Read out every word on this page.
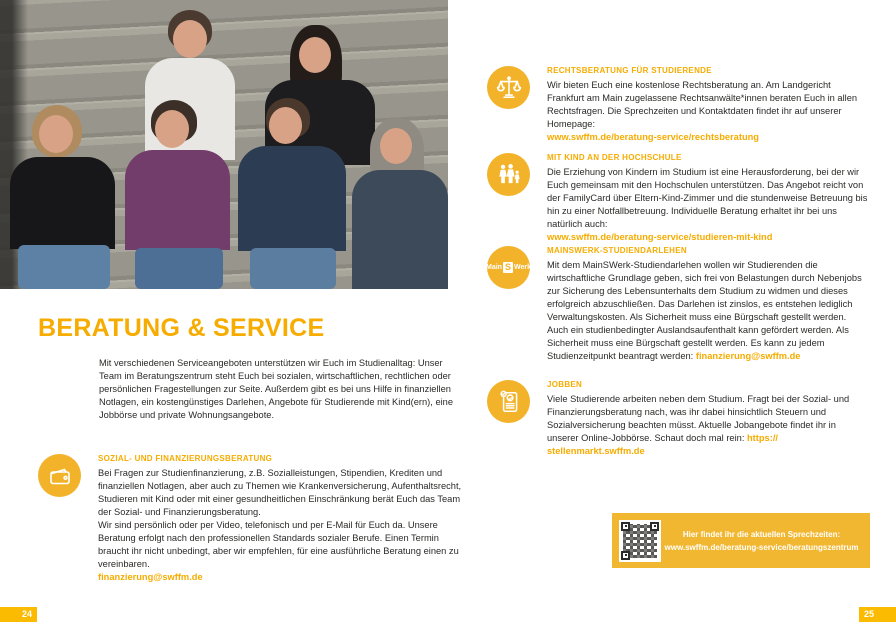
BERATUNG & SERVICE

Mit verschiedenen Serviceangeboten unterstützen wir Euch im Studienalltag: Unser Team im Beratungszentrum steht Euch bei sozialen, wirtschaftlichen, rechtlichen oder persönlichen Fragestellungen zur Seite. Außerdem gibt es bei uns Hilfe in finanziellen Notlagen, ein kostengünstiges Darlehen, Angebote für Studierende mit Kind(ern), eine Jobbörse und private Wohnungsangebote.

SOZIAL- UND FINANZIERUNGSBERATUNG

Bei Fragen zur Studienfinanzierung, z.B. Sozialleistungen, Stipendien, Krediten und finanziellen Notlagen, aber auch zu Themen wie Krankenversicherung, Aufenthaltsrecht, Studieren mit Kind oder mit einer gesundheitlichen Einschränkung berät Euch das Team der Sozial- und Finanzierungsberatung.

Wir sind persönlich oder per Video, telefonisch und per E-Mail für Euch da. Unsere Beratung erfolgt nach den professionellen Standards sozialer Berufe. Einen Termin braucht ihr nicht unbedingt, aber wir empfehlen, für eine ausführliche Beratung einen zu vereinbaren.

finanzierung@swffm.de
24
RECHTSBERATUNG FÜR STUDIERENDE

Wir bieten Euch eine kostenlose Rechtsberatung an. Am Landgericht Frankfurt am Main zugelassene Rechtsanwälte*innen beraten Euch in allen Rechtsfragen. Die Sprechzeiten und Kontaktdaten findet ihr auf unserer Homepage:

www.swffm.de/beratung-service/rechtsberatung
MIT KIND AN DER HOCHSCHULE

Die Erziehung von Kindern im Studium ist eine Herausforderung, bei der wir Euch gemeinsam mit den Hochschulen unterstützen. Das Angebot reicht von der FamilyCard über Eltern-Kind-Zimmer und die stundenweise Betreuung bis hin zu einer Notfallbetreuung. Individuelle Beratung erhaltet ihr bei uns natürlich auch:

www.swffm.de/beratung-service/studieren-mit-kind
Main S Werk
MAINSWERK-STUDIENDARLEHEN

Mit dem MainSWerk-Studiendarlehen wollen wir Studierenden die wirtschaftliche Grundlage geben, sich frei von Belastungen durch Nebenjobs zur Sicherung des Lebensunterhalts dem Studium zu widmen und dieses erfolgreich abzuschließen. Das Darlehen ist zinslos, es entstehen lediglich Verwaltungskosten. Als Sicherheit muss eine Bürgschaft gestellt werden. Auch ein studienbedingter Auslandsaufenthalt kann gefördert werden. Als Sicherheit muss eine Bürgschaft gestellt werden. Es kann zu jedem Studienzeitpunkt beantragt werden: finanzierung@swffm.de

JOBBEN

Viele Studierende arbeiten neben dem Studium. Fragt bei der Sozial- und Finanzierungsberatung nach, was ihr dabei hinsichtlich Steuern und Sozialversicherung beachten müsst. Aktuelle Jobangebote findet ihr in unserer Online-Jobbörse. Schaut doch mal rein: https:// stellenmarkt.swffm.de

Hier findet ihr die aktuellen Sprechzeiten:
www.swffm.de/beratung-service/beratungszentrum
25
